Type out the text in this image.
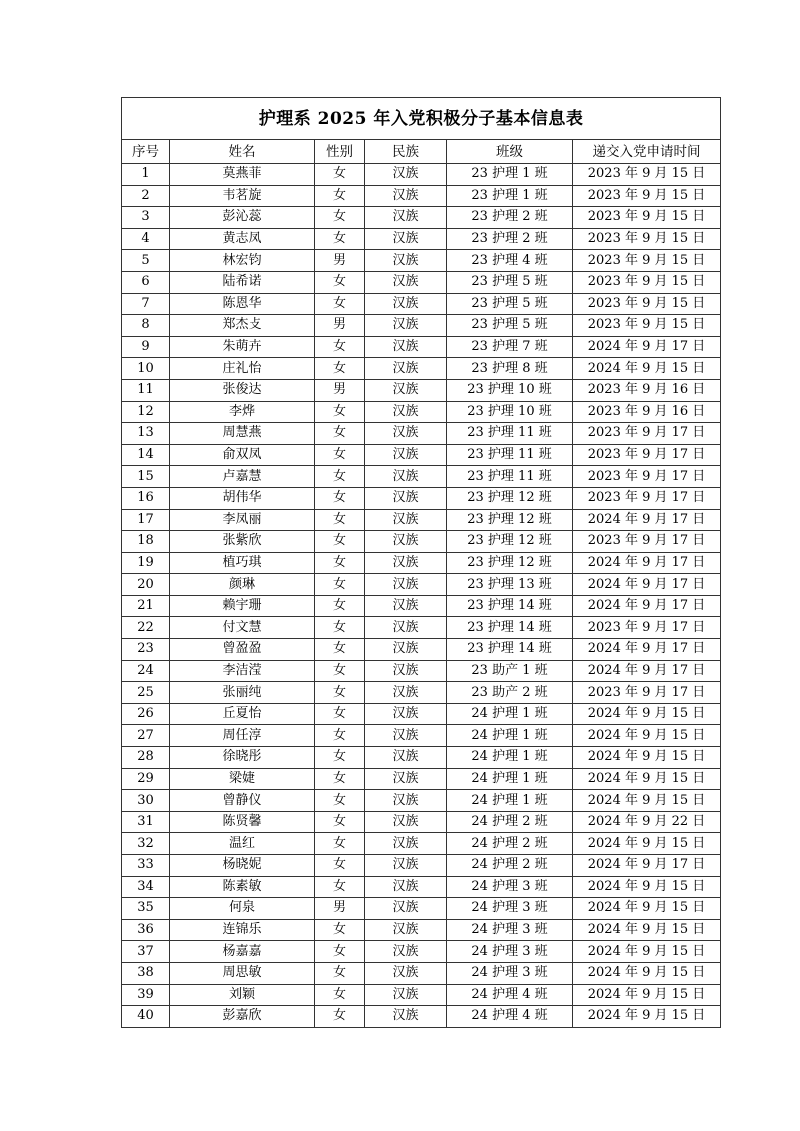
护理系 2025 年入党积极分子基本信息表					
序号	姓名	性别	民族	班级	递交入党申请时间
1	莫燕菲	女	汉族	23 护理 1 班	2023 年 9 月 15 日
2	韦茗旋	女	汉族	23 护理 1 班	2023 年 9 月 15 日
3	彭沁蕊	女	汉族	23 护理 2 班	2023 年 9 月 15 日
4	黄志凤	女	汉族	23 护理 2 班	2023 年 9 月 15 日
5	林宏钧	男	汉族	23 护理 4 班	2023 年 9 月 15 日
6	陆希诺	女	汉族	23 护理 5 班	2023 年 9 月 15 日
7	陈恩华	女	汉族	23 护理 5 班	2023 年 9 月 15 日
8	郑杰攴	男	汉族	23 护理 5 班	2023 年 9 月 15 日
9	朱萌卉	女	汉族	23 护理 7 班	2024 年 9 月 17 日
10	庄礼怡	女	汉族	23 护理 8 班	2024 年 9 月 15 日
11	张俊达	男	汉族	23 护理 10 班	2023 年 9 月 16 日
12	李烨	女	汉族	23 护理 10 班	2023 年 9 月 16 日
13	周慧燕	女	汉族	23 护理 11 班	2023 年 9 月 17 日
14	俞双凤	女	汉族	23 护理 11 班	2023 年 9 月 17 日
15	卢嘉慧	女	汉族	23 护理 11 班	2023 年 9 月 17 日
16	胡伟华	女	汉族	23 护理 12 班	2023 年 9 月 17 日
17	李凤丽	女	汉族	23 护理 12 班	2024 年 9 月 17 日
18	张紫欣	女	汉族	23 护理 12 班	2023 年 9 月 17 日
19	植巧琪	女	汉族	23 护理 12 班	2024 年 9 月 17 日
20	颜琳	女	汉族	23 护理 13 班	2024 年 9 月 17 日
21	赖宇珊	女	汉族	23 护理 14 班	2024 年 9 月 17 日
22	付文慧	女	汉族	23 护理 14 班	2023 年 9 月 17 日
23	曾盈盈	女	汉族	23 护理 14 班	2024 年 9 月 17 日
24	李洁滢	女	汉族	23 助产 1 班	2024 年 9 月 17 日
25	张丽纯	女	汉族	23 助产 2 班	2023 年 9 月 17 日
26	丘夏怡	女	汉族	24 护理 1 班	2024 年 9 月 15 日
27	周任淳	女	汉族	24 护理 1 班	2024 年 9 月 15 日
28	徐晓彤	女	汉族	24 护理 1 班	2024 年 9 月 15 日
29	梁婕	女	汉族	24 护理 1 班	2024 年 9 月 15 日
30	曾静仪	女	汉族	24 护理 1 班	2024 年 9 月 15 日
31	陈贤馨	女	汉族	24 护理 2 班	2024 年 9 月 22 日
32	温红	女	汉族	24 护理 2 班	2024 年 9 月 15 日
33	杨晓妮	女	汉族	24 护理 2 班	2024 年 9 月 17 日
34	陈素敏	女	汉族	24 护理 3 班	2024 年 9 月 15 日
35	何泉	男	汉族	24 护理 3 班	2024 年 9 月 15 日
36	连锦乐	女	汉族	24 护理 3 班	2024 年 9 月 15 日
37	杨嘉嘉	女	汉族	24 护理 3 班	2024 年 9 月 15 日
38	周思敏	女	汉族	24 护理 3 班	2024 年 9 月 15 日
39	刘颖	女	汉族	24 护理 4 班	2024 年 9 月 15 日
40	彭嘉欣	女	汉族	24 护理 4 班	2024 年 9 月 15 日
